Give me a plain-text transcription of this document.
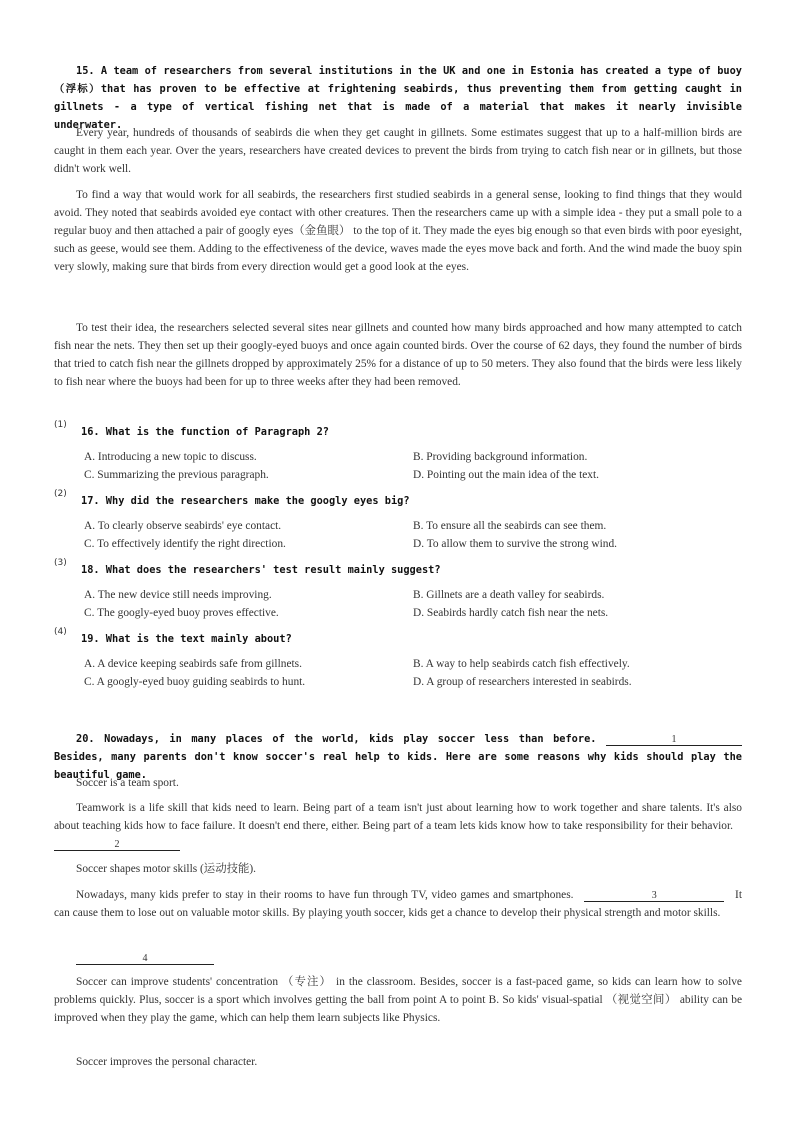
15. A team of researchers from several institutions in the UK and one in Estonia has created a type of buoy （浮标）that has proven to be effective at frightening seabirds, thus preventing them from getting caught in gillnets - a type of vertical fishing net that is made of a material that makes it nearly invisible underwater.

Every year, hundreds of thousands of seabirds die when they get caught in gillnets. Some estimates suggest that up to a half-million birds are caught in them each year. Over the years, researchers have created devices to prevent the birds from trying to catch fish near or in gillnets, but those didn't work well.

To find a way that would work for all seabirds, the researchers first studied seabirds in a general sense, looking to find things that they would avoid. They noted that seabirds avoided eye contact with other creatures. Then the researchers came up with a simple idea - they put a small pole to a regular buoy and then attached a pair of googly eyes（金鱼眼） to the top of it. They made the eyes big enough so that even birds with poor eyesight, such as geese, would see them. Adding to the effectiveness of the device, waves made the eyes move back and forth. And the wind made the buoy spin very slowly, making sure that birds from every direction would get a good look at the eyes.

To test their idea, the researchers selected several sites near gillnets and counted how many birds approached and how many attempted to catch fish near the nets. They then set up their googly-eyed buoys and once again counted birds. Over the course of 62 days, they found the number of birds that tried to catch fish near the gillnets dropped by approximately 25% for a distance of up to 50 meters. They also found that the birds were less likely to fish near where the buoys had been for up to three weeks after they had been removed.

(1)
16. What is the function of Paragraph 2?
A. Introducing a new topic to discuss.	B. Providing background information.
C. Summarizing the previous paragraph.	D. Pointing out the main idea of the text.
(2)
17. Why did the researchers make the googly eyes big?
A. To clearly observe seabirds' eye contact.	B. To ensure all the seabirds can see them.
C. To effectively identify the right direction.	D. To allow them to survive the strong wind.
(3)
18. What does the researchers' test result mainly suggest?
A. The new device still needs improving.	B. Gillnets are a death valley for seabirds.
C. The googly-eyed buoy proves effective.	D. Seabirds hardly catch fish near the nets.
(4)
19. What is the text mainly about?
A. A device keeping seabirds safe from gillnets.	B. A way to help seabirds catch fish effectively.
C. A googly-eyed buoy guiding seabirds to hunt.	D. A group of researchers interested in seabirds.

20. Nowadays, in many places of the world, kids play soccer less than before.	1 Besides, many parents don't know soccer's real help to kids. Here are some reasons why kids should play the beautiful game.

Soccer is a team sport.

Teamwork is a life skill that kids need to learn. Being part of a team isn't just about learning how to work together and share talents. It's also about teaching kids how to face failure. It doesn't end there, either. Being part of a team lets kids know how to take responsibility for their behavior.   2

Soccer shapes motor skills (运动技能).

Nowadays, many kids prefer to stay in their rooms to have fun through TV, video games and smartphones.	3	It can cause them to lose out on valuable motor skills. By playing youth soccer, kids get a chance to develop their physical strength and motor skills.

4

Soccer can improve students' concentration （专注） in the classroom. Besides, soccer is a fast-paced game, so kids can learn how to solve problems quickly. Plus, soccer is a sport which involves getting the ball from point A to point B. So kids' visual-spatial （视觉空间） ability can be improved when they play the game, which can help them learn subjects like Physics.

Soccer improves the personal character.
